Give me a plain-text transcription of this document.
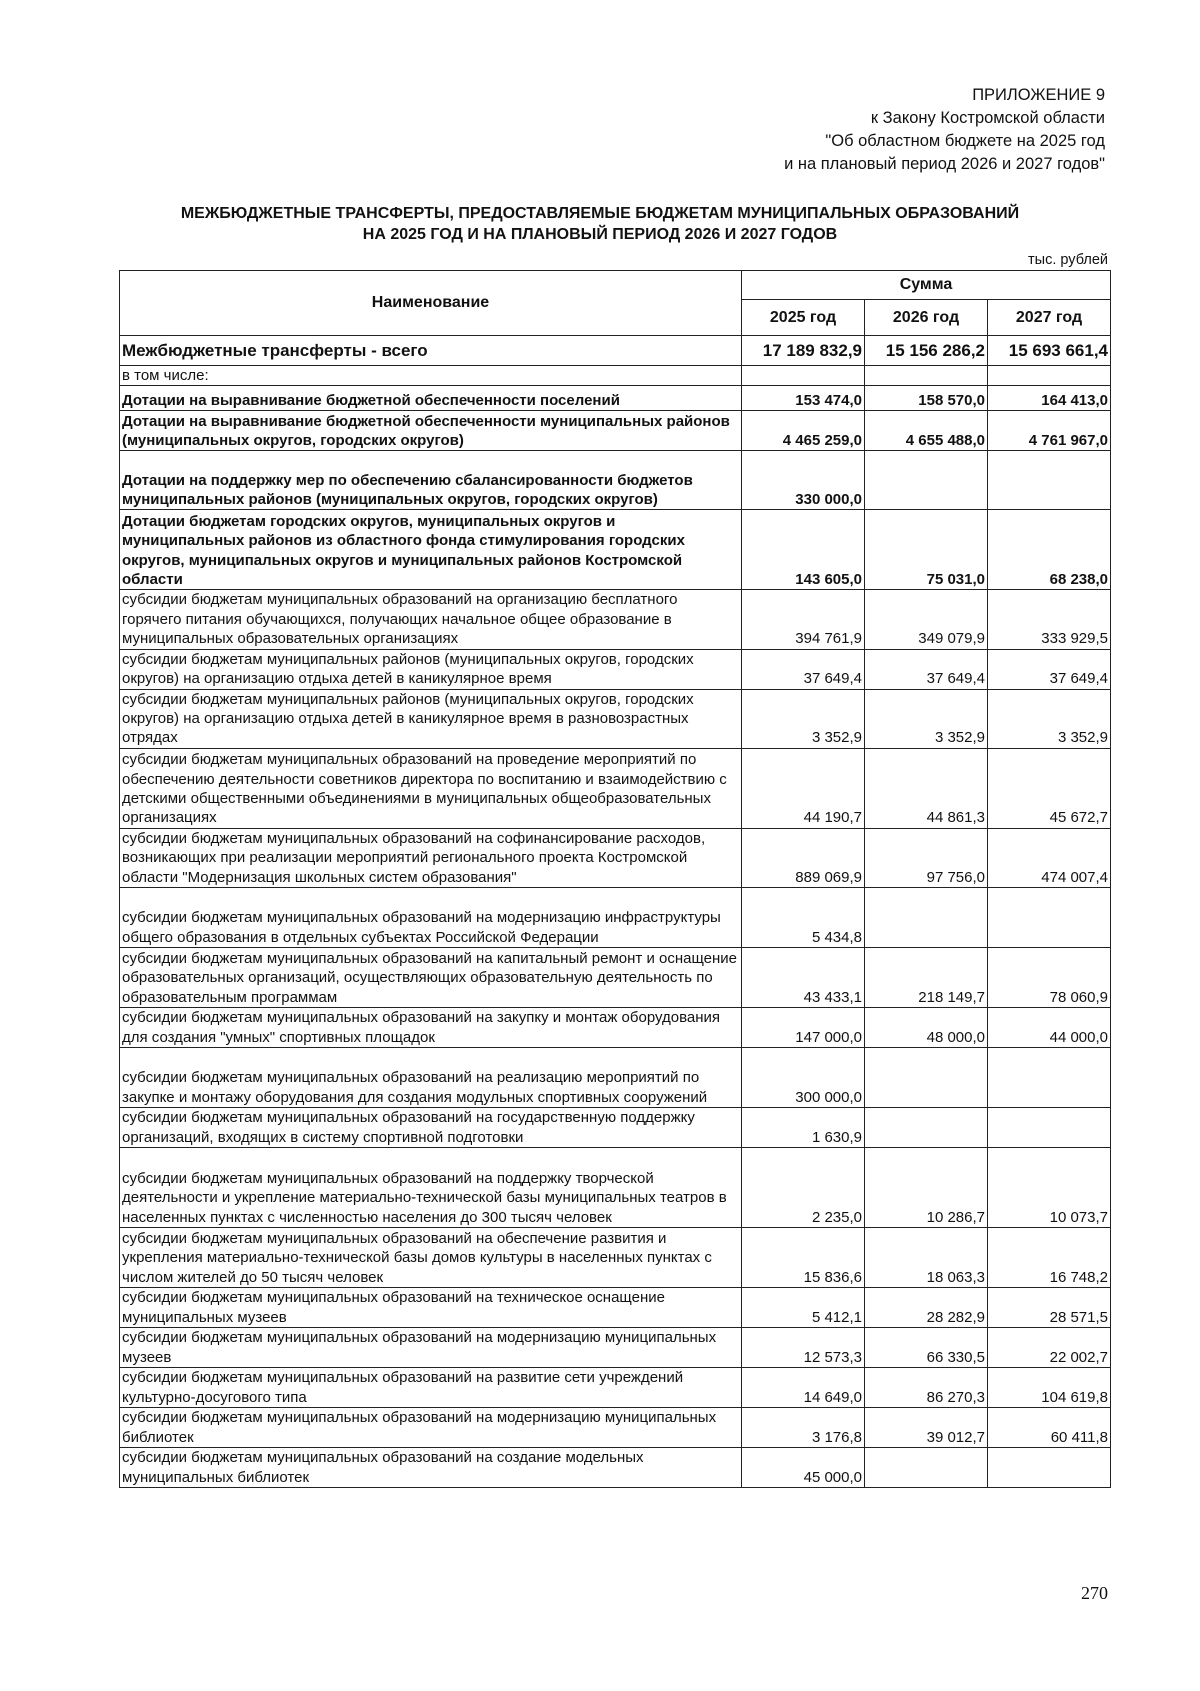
ПРИЛОЖЕНИЕ 9
к Закону Костромской области
"Об областном бюджете на 2025 год
и на плановый период 2026 и 2027 годов"
МЕЖБЮДЖЕТНЫЕ ТРАНСФЕРТЫ, ПРЕДОСТАВЛЯЕМЫЕ БЮДЖЕТАМ МУНИЦИПАЛЬНЫХ ОБРАЗОВАНИЙ
НА 2025 ГОД И НА ПЛАНОВЫЙ ПЕРИОД 2026 И 2027 ГОДОВ
тыс. рублей
Наименование	Сумма		
	2025 год	2026 год	2027 год
Межбюджетные трансферты - всего	17 189 832,9	15 156 286,2	15 693 661,4
в том числе:			
Дотации на выравнивание бюджетной обеспеченности поселений	153 474,0	158 570,0	164 413,0
Дотации на выравнивание бюджетной обеспеченности муниципальных районов (муниципальных округов, городских округов)	4 465 259,0	4 655 488,0	4 761 967,0
Дотации на поддержку мер по обеспечению сбалансированности бюджетов муниципальных районов (муниципальных округов, городских округов)	330 000,0		
Дотации бюджетам городских округов, муниципальных округов и муниципальных районов из областного фонда стимулирования городских округов, муниципальных округов и муниципальных районов Костромской области	143 605,0	75 031,0	68 238,0
субсидии бюджетам муниципальных образований на организацию бесплатного горячего питания обучающихся, получающих начальное общее образование в муниципальных образовательных организациях	394 761,9	349 079,9	333 929,5
субсидии бюджетам муниципальных районов (муниципальных округов, городских округов) на организацию отдыха детей в каникулярное время	37 649,4	37 649,4	37 649,4
субсидии бюджетам муниципальных районов (муниципальных округов, городских округов) на организацию отдыха детей в каникулярное время в разновозрастных отрядах	3 352,9	3 352,9	3 352,9
субсидии бюджетам муниципальных образований на проведение мероприятий по обеспечению деятельности советников директора по воспитанию и взаимодействию с детскими общественными объединениями в муниципальных общеобразовательных организациях	44 190,7	44 861,3	45 672,7
субсидии бюджетам муниципальных образований на софинансирование расходов, возникающих при реализации мероприятий регионального проекта Костромской области "Модернизация школьных систем образования"	889 069,9	97 756,0	474 007,4
субсидии бюджетам муниципальных образований на модернизацию инфраструктуры общего образования в отдельных субъектах Российской Федерации	5 434,8		
субсидии бюджетам муниципальных образований на капитальный ремонт и оснащение образовательных организаций, осуществляющих образовательную деятельность по образовательным программам	43 433,1	218 149,7	78 060,9
субсидии бюджетам муниципальных образований на закупку и монтаж оборудования для создания "умных" спортивных площадок	147 000,0	48 000,0	44 000,0
субсидии бюджетам муниципальных образований на реализацию мероприятий по закупке и монтажу оборудования для создания модульных спортивных сооружений	300 000,0		
субсидии бюджетам муниципальных образований на государственную поддержку организаций, входящих в систему спортивной подготовки	1 630,9		
субсидии бюджетам муниципальных образований на поддержку творческой деятельности и укрепление материально-технической базы муниципальных театров в населенных пунктах с численностью населения до 300 тысяч человек	2 235,0	10 286,7	10 073,7
субсидии бюджетам муниципальных образований на обеспечение развития и укрепления материально-технической базы домов культуры в населенных пунктах с числом жителей до 50 тысяч человек	15 836,6	18 063,3	16 748,2
субсидии бюджетам муниципальных образований на техническое оснащение муниципальных музеев	5 412,1	28 282,9	28 571,5
субсидии бюджетам муниципальных образований на модернизацию муниципальных музеев	12 573,3	66 330,5	22 002,7
субсидии бюджетам муниципальных образований на развитие сети учреждений культурно-досугового типа	14 649,0	86 270,3	104 619,8
субсидии бюджетам муниципальных образований на модернизацию муниципальных библиотек	3 176,8	39 012,7	60 411,8
субсидии бюджетам муниципальных образований на создание модельных муниципальных библиотек	45 000,0		
270
